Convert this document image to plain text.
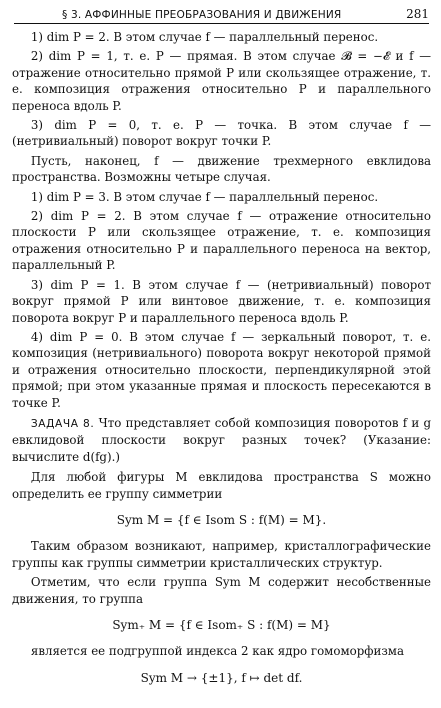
§ 3. АФФИННЫЕ ПРЕОБРАЗОВАНИЯ И ДВИЖЕНИЯ	281

1) dim P = 2. В этом случае f — параллельный перенос.

2) dim P = 1, т. е. P — прямая. В этом случае 𝓑 = −𝓔 и f — отражение относительно прямой P или скользящее отражение, т. е. композиция отражения относительно P и параллельного переноса вдоль P.

3) dim P = 0, т. е. P — точка. В этом случае f — (нетривиальный) поворот вокруг точки P.

Пусть, наконец, f — движение трехмерного евклидова пространства. Возможны четыре случая.

1) dim P = 3. В этом случае f — параллельный перенос.

2) dim P = 2. В этом случае f — отражение относительно плоскости P или скользящее отражение, т. е. композиция отражения относительно P и параллельного переноса на вектор, параллельный P.

3) dim P = 1. В этом случае f — (нетривиальный) поворот вокруг прямой P или винтовое движение, т. е. композиция поворота вокруг P и параллельного переноса вдоль P.

4) dim P = 0. В этом случае f — зеркальный поворот, т. е. композиция (нетривиального) поворота вокруг некоторой прямой и отражения относительно плоскости, перпендикулярной этой прямой; при этом указанные прямая и плоскость пересекаются в точке P.

ЗАДАЧА 8. Что представляет собой композиция поворотов f и g евклидовой плоскости вокруг разных точек? (Указание: вычислите d(fg).)

Для любой фигуры M евклидова пространства S можно определить ее группу симметрии

Sym M = {f ∈ Isom S : f(M) = M}.

Таким образом возникают, например, кристаллографические группы как группы симметрии кристаллических структур.

Отметим, что если группа Sym M содержит несобственные движения, то группа

Sym₊ M = {f ∈ Isom₊ S : f(M) = M}

является ее подгруппой индекса 2 как ядро гомоморфизма

Sym M → {±1}, f ↦ det df.
